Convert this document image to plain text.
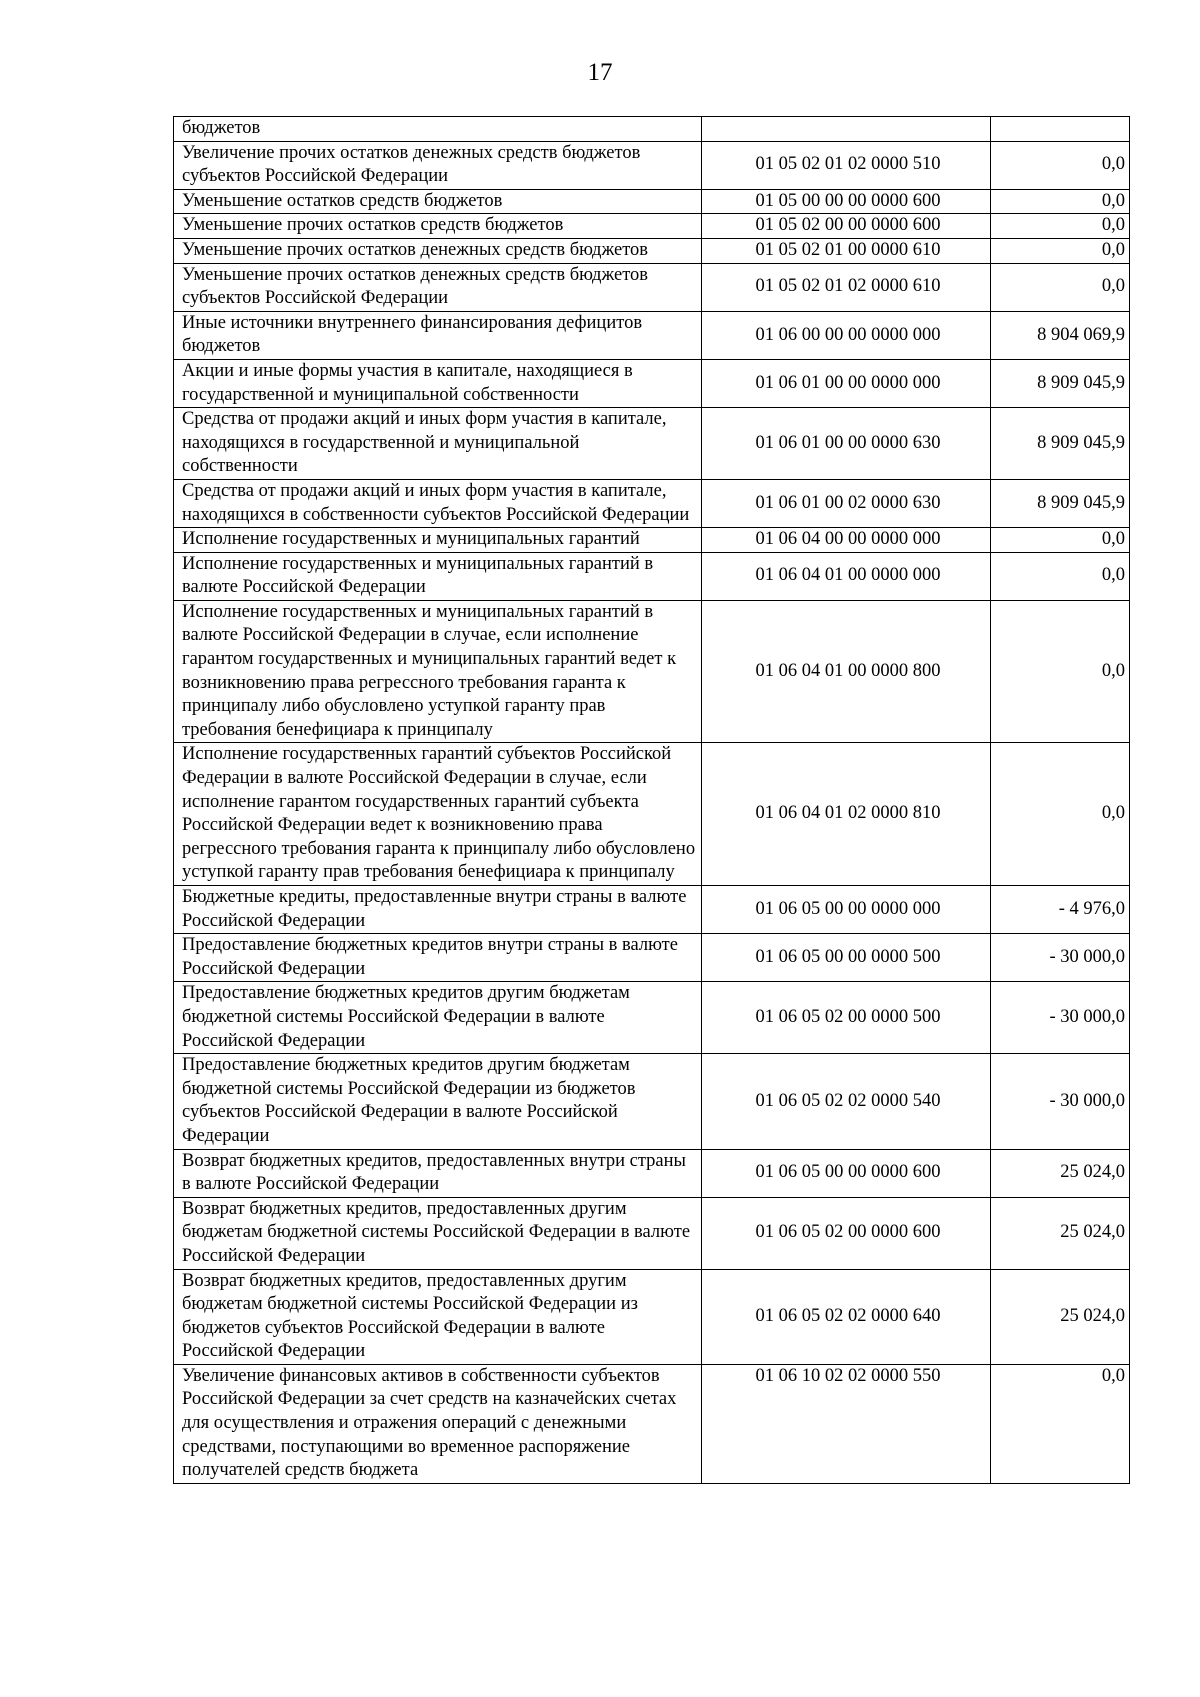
17
бюджетов		
Увеличение прочих остатков денежных средств бюджетов субъектов Российской Федерации	01 05 02 01 02 0000 510	0,0
Уменьшение остатков средств бюджетов	01 05 00 00 00 0000 600	0,0
Уменьшение прочих остатков средств бюджетов	01 05 02 00 00 0000 600	0,0
Уменьшение прочих остатков денежных средств бюджетов	01 05 02 01 00 0000 610	0,0
Уменьшение прочих остатков денежных средств бюджетов субъектов Российской Федерации	01 05 02 01 02 0000 610	0,0
Иные источники внутреннего финансирования дефицитов бюджетов	01 06 00 00 00 0000 000	8 904 069,9
Акции и иные формы участия в капитале, находящиеся в государственной и муниципальной собственности	01 06 01 00 00 0000 000	8 909 045,9
Средства от продажи акций и иных форм участия в капитале, находящихся в государственной и муниципальной собственности	01 06 01 00 00 0000 630	8 909 045,9
Средства от продажи акций и иных форм участия в капитале, находящихся в собственности субъектов Российской Федерации	01 06 01 00 02 0000 630	8 909 045,9
Исполнение государственных и муниципальных гарантий	01 06 04 00 00 0000 000	0,0
Исполнение государственных и муниципальных гарантий в валюте Российской Федерации	01 06 04 01 00 0000 000	0,0
Исполнение государственных и муниципальных гарантий в валюте Российской Федерации в случае, если исполнение гарантом государственных и муниципальных гарантий ведет к возникновению права регрессного требования гаранта к принципалу либо обусловлено уступкой гаранту прав требования бенефициара к принципалу	01 06 04 01 00 0000 800	0,0
Исполнение государственных гарантий субъектов Российской Федерации в валюте Российской Федерации в случае, если исполнение гарантом государственных гарантий субъекта Российской Федерации ведет к возникновению права регрессного требования гаранта к принципалу либо обусловлено уступкой гаранту прав требования бенефициара к принципалу	01 06 04 01 02 0000 810	0,0
Бюджетные кредиты, предоставленные внутри страны в валюте Российской Федерации	01 06 05 00 00 0000 000	- 4 976,0
Предоставление бюджетных кредитов внутри страны в валюте Российской Федерации	01 06 05 00 00 0000 500	- 30 000,0
Предоставление бюджетных кредитов другим бюджетам бюджетной системы Российской Федерации в валюте Российской Федерации	01 06 05 02 00 0000 500	- 30 000,0
Предоставление бюджетных кредитов другим бюджетам бюджетной системы Российской Федерации из бюджетов субъектов Российской Федерации в валюте Российской Федерации	01 06 05 02 02 0000 540	- 30 000,0
Возврат бюджетных кредитов, предоставленных внутри страны в валюте Российской Федерации	01 06 05 00 00 0000 600	25 024,0
Возврат бюджетных кредитов, предоставленных другим бюджетам бюджетной системы Российской Федерации в валюте Российской Федерации	01 06 05 02 00 0000 600	25 024,0
Возврат бюджетных кредитов, предоставленных другим бюджетам бюджетной системы Российской Федерации из бюджетов субъектов Российской Федерации в валюте Российской Федерации	01 06 05 02 02 0000 640	25 024,0
Увеличение финансовых активов в собственности субъектов Российской Федерации за счет средств на казначейских счетах для осуществления и отражения операций с денежными средствами, поступающими во временное распоряжение получателей средств бюджета	01 06 10 02 02 0000 550	0,0
